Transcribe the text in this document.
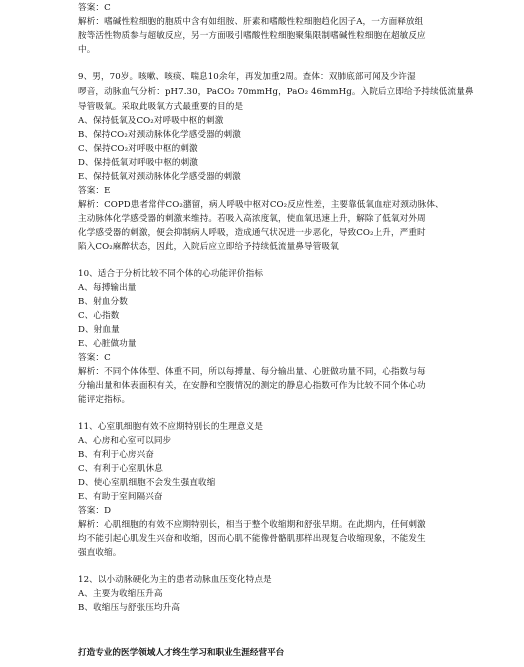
答案：C
解析：嗜碱性粒细胞的胞质中含有如组胺、肝素和嗜酸性粒细胞趋化因子A，一方面释放组
胺等活性物质参与超敏反应，另一方面吸引嗜酸性粒细胞聚集限制嗜碱性粒细胞在超敏反应
中。
9、男，70岁。咳嗽、咳痰、喘息10余年，再发加重2周。查体：双肺底部可闻及少许湿
啰音，动脉血气分析：pH7.30，PaCO₂ 70mmHg，PaO₂ 46mmHg。入院后立即给予持续低流量鼻
导管吸氧。采取此吸氧方式最重要的目的是
A、保持低氧及CO₂对呼吸中枢的刺激
B、保持CO₂对颈动脉体化学感受器的刺激
C、保持CO₂对呼吸中枢的刺激
D、保持低氧对呼吸中枢的刺激
E、保持低氧对颈动脉体化学感受器的刺激
答案：E
解析：COPD患者常伴CO₂潴留，病人呼吸中枢对CO₂反应性差，主要靠低氧血症对颈动脉体、
主动脉体化学感受器的刺激来维持。若吸入高浓度氧，使血氧迅速上升，解除了低氧对外周
化学感受器的刺激，便会抑制病人呼吸，造成通气状况进一步恶化，导致CO₂上升，严重时
陷入CO₂麻醉状态，因此，入院后应立即给予持续低流量鼻导管吸氧
10、适合于分析比较不同个体的心功能评价指标
A、每搏输出量
B、射血分数
C、心指数
D、射血量
E、心脏做功量
答案：C
解析：不同个体体型、体重不同，所以每搏量、每分输出量、心脏做功量不同，心指数与每
分输出量和体表面积有关，在安静和空腹情况的测定的静息心指数可作为比较不同个体心功
能评定指标。
11、心室肌细胞有效不应期特别长的生理意义是
A、心房和心室可以同步
B、有利于心房兴奋
C、有利于心室肌休息
D、使心室肌细胞不会发生强直收缩
E、有助于室间隔兴奋
答案：D
解析：心肌细胞的有效不应期特别长，相当于整个收缩期和舒张早期。在此期内，任何刺激
均不能引起心肌发生兴奋和收缩，因而心肌不能像骨骼肌那样出现复合收缩现象，不能发生
强直收缩。
12、以小动脉硬化为主的患者动脉血压变化特点是
A、主要为收缩压升高
B、收缩压与舒张压均升高
打造专业的医学领域人才终生学习和职业生涯经营平台
